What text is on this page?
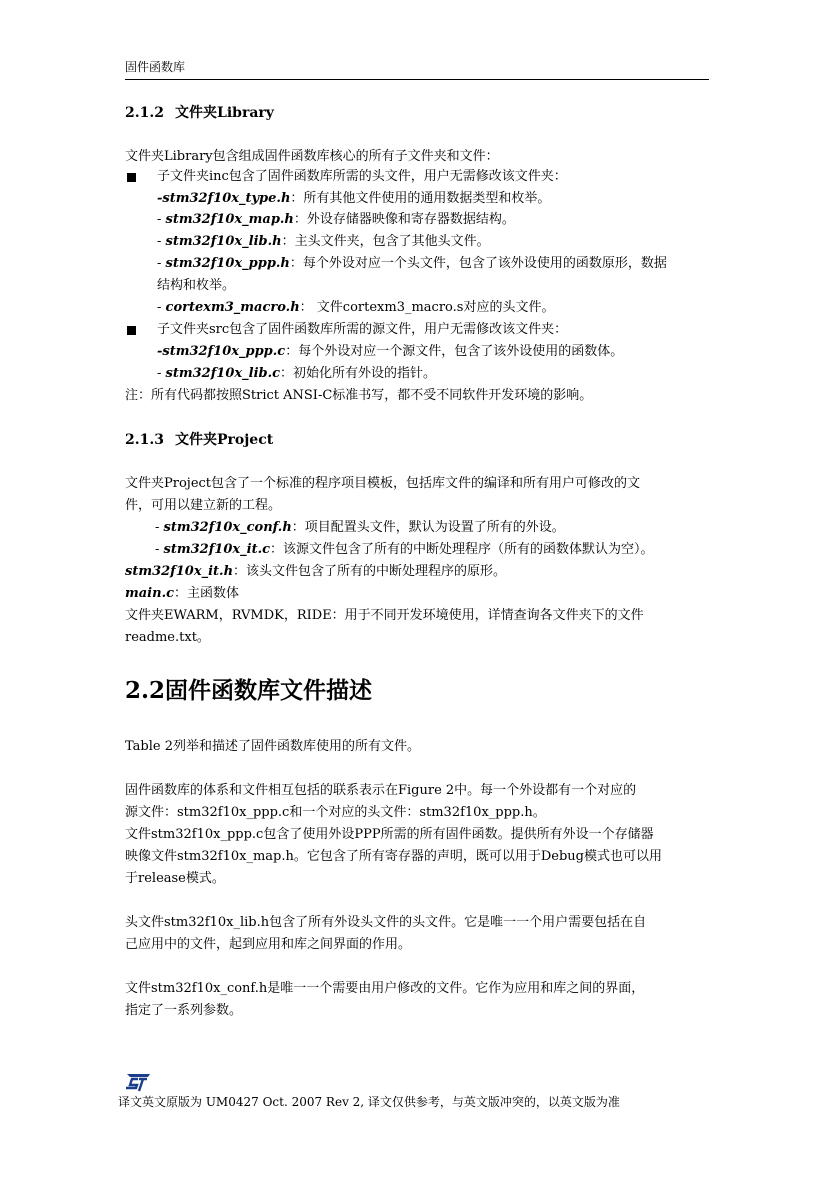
固件函数库
2.1.2 文件夹Library
文件夹Library包含组成固件函数库核心的所有子文件夹和文件：
子文件夹inc包含了固件函数库所需的头文件，用户无需修改该文件夹：
-stm32f10x_type.h：所有其他文件使用的通用数据类型和枚举。
- stm32f10x_map.h：外设存储器映像和寄存器数据结构。
- stm32f10x_lib.h：主头文件夹，包含了其他头文件。
- stm32f10x_ppp.h：每个外设对应一个头文件，包含了该外设使用的函数原形，数据
结构和枚举。
- cortexm3_macro.h： 文件cortexm3_macro.s对应的头文件。
子文件夹src包含了固件函数库所需的源文件，用户无需修改该文件夹：
-stm32f10x_ppp.c：每个外设对应一个源文件，包含了该外设使用的函数体。
- stm32f10x_lib.c：初始化所有外设的指针。
注：所有代码都按照Strict ANSI-C标准书写，都不受不同软件开发环境的影响。
2.1.3 文件夹Project
文件夹Project包含了一个标准的程序项目模板，包括库文件的编译和所有用户可修改的文
件，可用以建立新的工程。
- stm32f10x_conf.h：项目配置头文件，默认为设置了所有的外设。
- stm32f10x_it.c：该源文件包含了所有的中断处理程序（所有的函数体默认为空）。
stm32f10x_it.h：该头文件包含了所有的中断处理程序的原形。
main.c：主函数体
文件夹EWARM，RVMDK，RIDE：用于不同开发环境使用，详情查询各文件夹下的文件
readme.txt。
2.2固件函数库文件描述
Table 2列举和描述了固件函数库使用的所有文件。
固件函数库的体系和文件相互包括的联系表示在Figure 2中。每一个外设都有一个对应的
源文件：stm32f10x_ppp.c和一个对应的头文件：stm32f10x_ppp.h。
文件stm32f10x_ppp.c包含了使用外设PPP所需的所有固件函数。提供所有外设一个存储器
映像文件stm32f10x_map.h。它包含了所有寄存器的声明，既可以用于Debug模式也可以用
于release模式。
头文件stm32f10x_lib.h包含了所有外设头文件的头文件。它是唯一一个用户需要包括在自
己应用中的文件，起到应用和库之间界面的作用。
文件stm32f10x_conf.h是唯一一个需要由用户修改的文件。它作为应用和库之间的界面，
指定了一系列参数。
译文英文原版为 UM0427 Oct. 2007 Rev 2, 译文仅供参考，与英文版冲突的，以英文版为准
